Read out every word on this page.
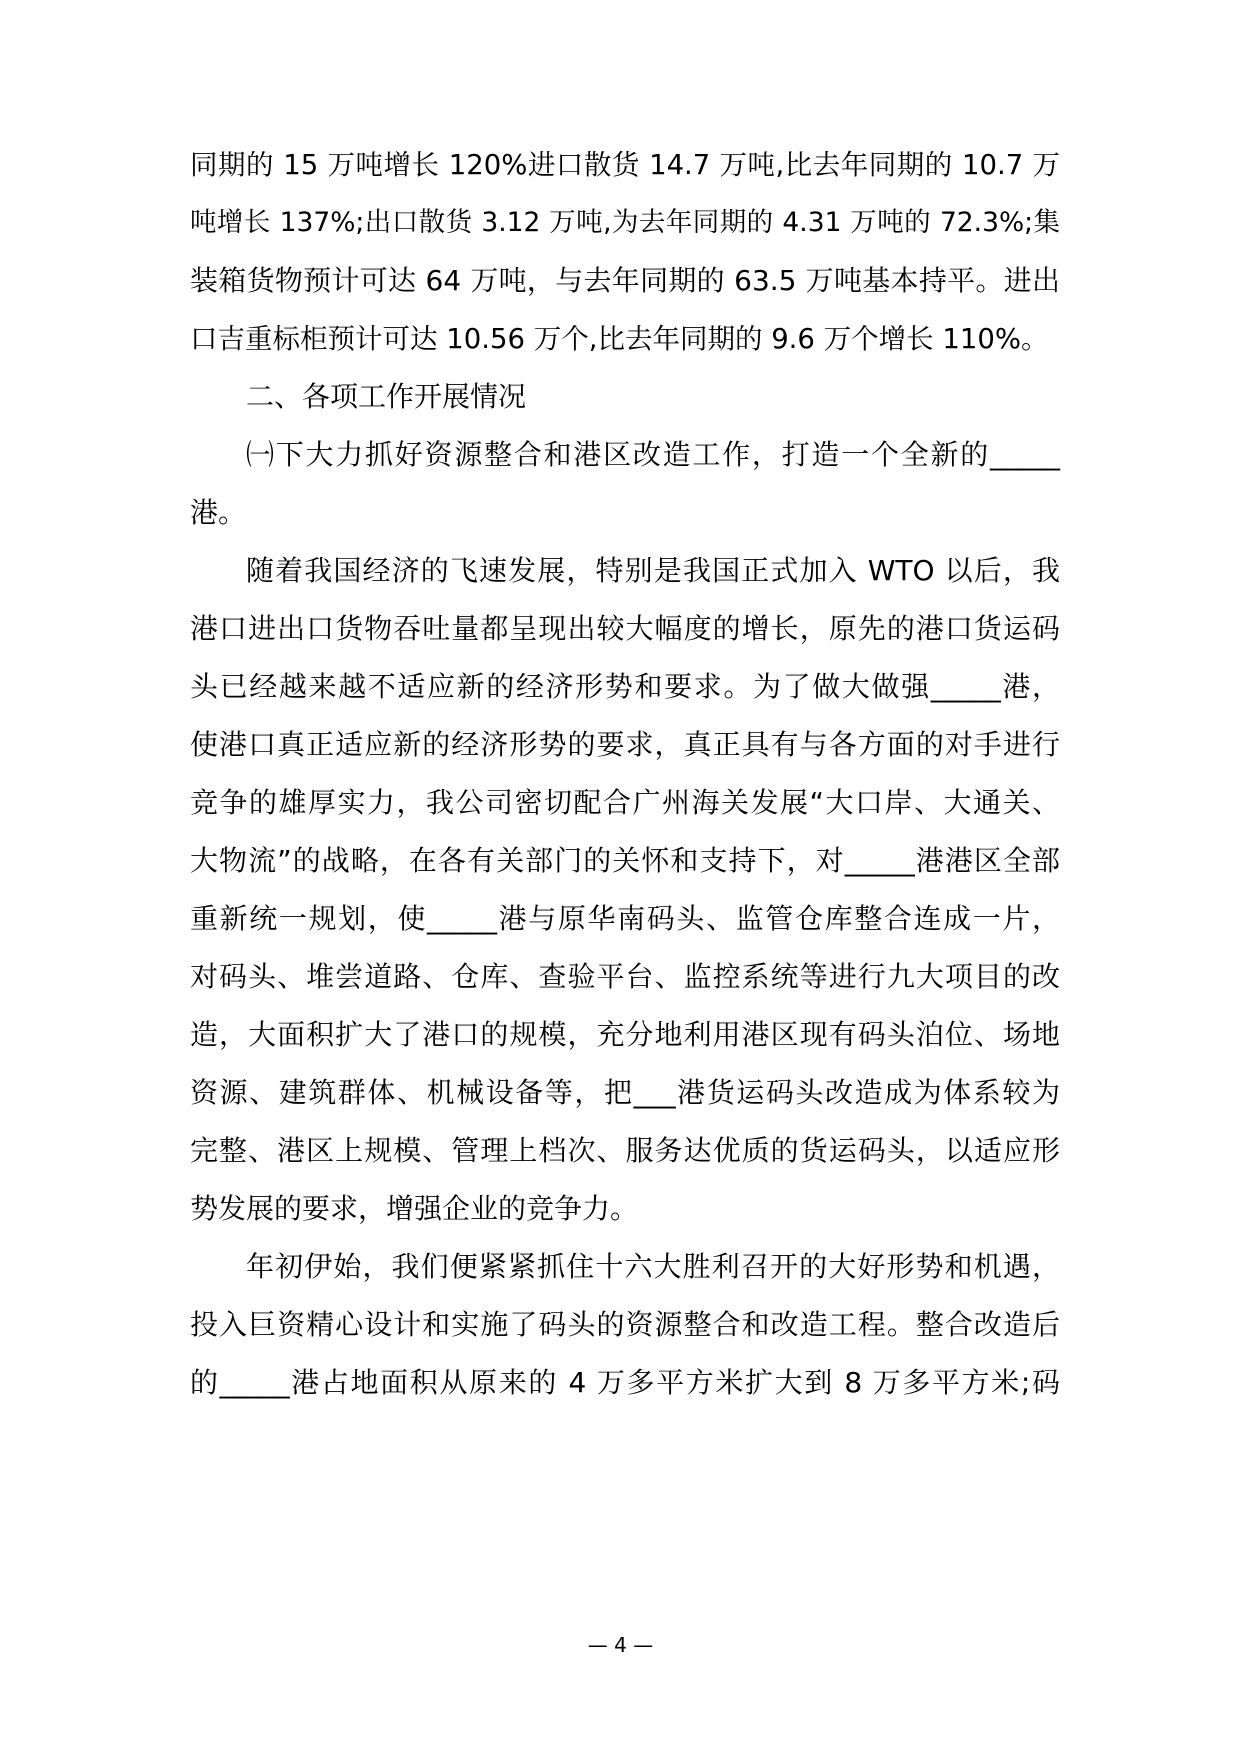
同期的 15 万吨增长 120%进口散货 14.7 万吨,比去年同期的 10.7 万
吨增长 137%;出口散货 3.12 万吨,为去年同期的 4.31 万吨的 72.3%;集
装箱货物预计可达 64 万吨，与去年同期的 63.5 万吨基本持平。进出
口吉重标柜预计可达 10.56 万个,比去年同期的 9.6 万个增长 110%。
二、各项工作开展情况
㈠下大力抓好资源整合和港区改造工作，打造一个全新的_____
港。
随着我国经济的飞速发展，特别是我国正式加入 WTO 以后，我
港口进出口货物吞吐量都呈现出较大幅度的增长，原先的港口货运码
头已经越来越不适应新的经济形势和要求。为了做大做强_____港，
使港口真正适应新的经济形势的要求，真正具有与各方面的对手进行
竞争的雄厚实力，我公司密切配合广州海关发展“大口岸、大通关、
大物流”的战略，在各有关部门的关怀和支持下，对_____港港区全部
重新统一规划，使_____港与原华南码头、监管仓库整合连成一片，
对码头、堆尝道路、仓库、查验平台、监控系统等进行九大项目的改
造，大面积扩大了港口的规模，充分地利用港区现有码头泊位、场地
资源、建筑群体、机械设备等，把___港货运码头改造成为体系较为
完整、港区上规模、管理上档次、服务达优质的货运码头，以适应形
势发展的要求，增强企业的竞争力。
年初伊始，我们便紧紧抓住十六大胜利召开的大好形势和机遇，
投入巨资精心设计和实施了码头的资源整合和改造工程。整合改造后
的_____港占地面积从原来的 4 万多平方米扩大到 8 万多平方米;码
— 4 —
